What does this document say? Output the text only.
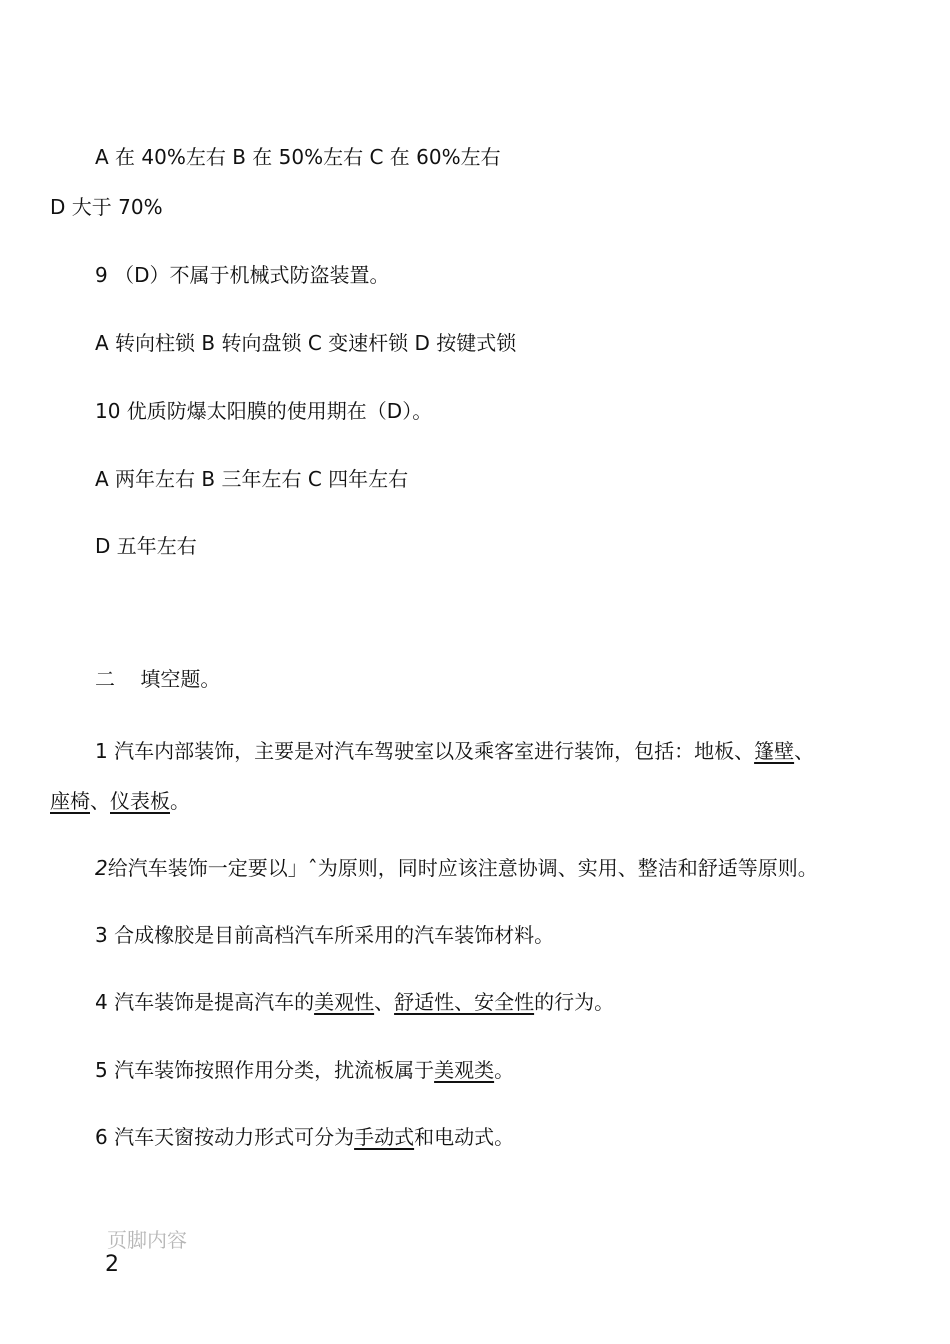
A 在 40%左右 B 在 50%左右 C 在 60%左右
D 大于 70%
9 （D）不属于机械式防盗装置。
A 转向柱锁 B 转向盘锁 C 变速杆锁 D 按键式锁
10 优质防爆太阳膜的使用期在（D）。
A 两年左右 B 三年左右 C 四年左右
D 五年左右
二    填空题。
1 汽车内部装饰，主要是对汽车驾驶室以及乘客室进行装饰，包括：地板、篷壁、
座椅、仪表板。
2给汽车装饰一定要以」ˆ为原则，同时应该注意协调、实用、整洁和舒适等原则。
3 合成橡胶是目前高档汽车所采用的汽车装饰材料。
4 汽车装饰是提高汽车的美观性、舒适性、安全性的行为。
5 汽车装饰按照作用分类，扰流板属于美观类。
6 汽车天窗按动力形式可分为手动式和电动式。
页脚内容
2
